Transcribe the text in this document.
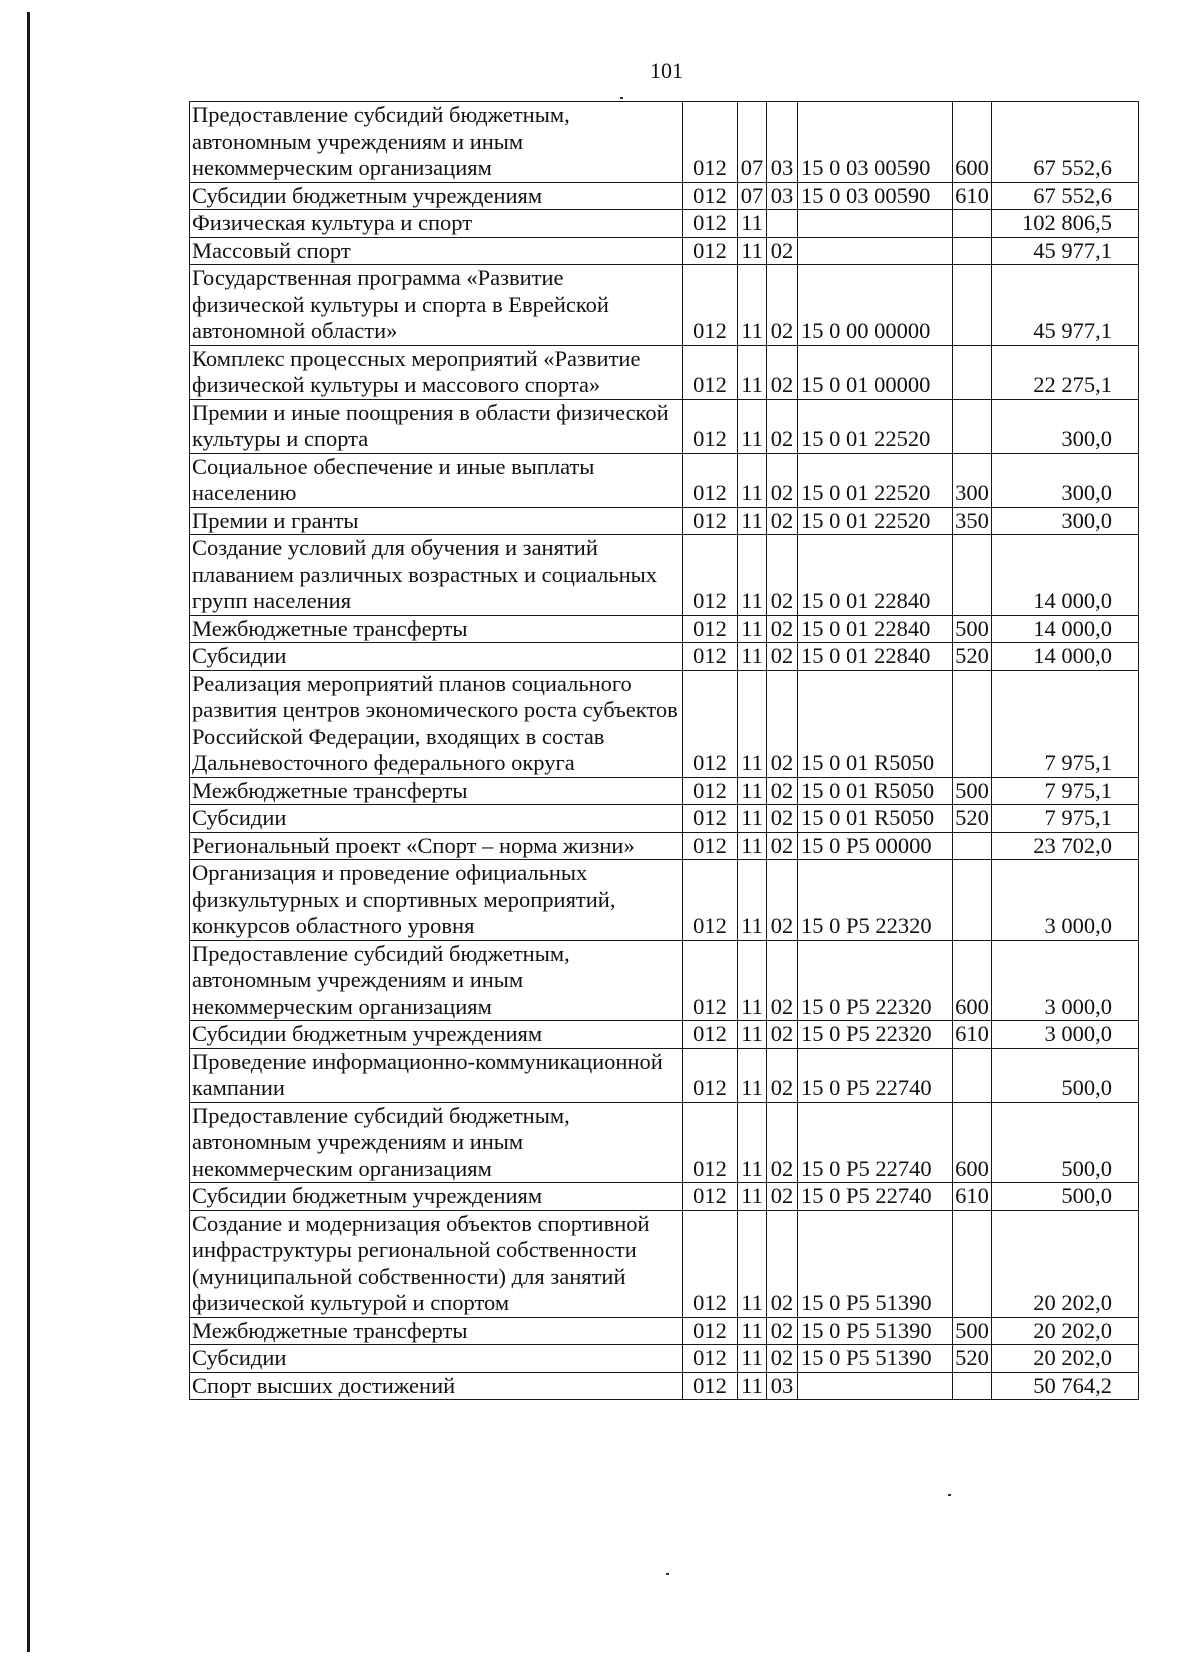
101
Предоставление субсидий бюджетным, автономным учреждениям и иным некоммерческим организациям	012	07	03	15 0 03 00590	600	67 552,6
Субсидии бюджетным учреждениям	012	07	03	15 0 03 00590	610	67 552,6
Физическая культура и спорт	012	11				102 806,5
Массовый спорт	012	11	02			45 977,1
Государственная программа «Развитие физической культуры и спорта в Еврейской автономной области»	012	11	02	15 0 00 00000		45 977,1
Комплекс процессных мероприятий «Развитие физической культуры и массового спорта»	012	11	02	15 0 01 00000		22 275,1
Премии и иные поощрения в области физической культуры и спорта	012	11	02	15 0 01 22520		300,0
Социальное обеспечение и иные выплаты населению	012	11	02	15 0 01 22520	300	300,0
Премии и гранты	012	11	02	15 0 01 22520	350	300,0
Создание условий для обучения и занятий плаванием различных возрастных и социальных групп населения	012	11	02	15 0 01 22840		14 000,0
Межбюджетные трансферты	012	11	02	15 0 01 22840	500	14 000,0
Субсидии	012	11	02	15 0 01 22840	520	14 000,0
Реализация мероприятий планов социального развития центров экономического роста субъектов Российской Федерации, входящих в состав Дальневосточного федерального округа	012	11	02	15 0 01 R5050		7 975,1
Межбюджетные трансферты	012	11	02	15 0 01 R5050	500	7 975,1
Субсидии	012	11	02	15 0 01 R5050	520	7 975,1
Региональный проект «Спорт – норма жизни»	012	11	02	15 0 P5 00000		23 702,0
Организация и проведение официальных физкультурных и спортивных мероприятий, конкурсов областного уровня	012	11	02	15 0 P5 22320		3 000,0
Предоставление субсидий бюджетным, автономным учреждениям и иным некоммерческим организациям	012	11	02	15 0 P5 22320	600	3 000,0
Субсидии бюджетным учреждениям	012	11	02	15 0 P5 22320	610	3 000,0
Проведение информационно-коммуникационной кампании	012	11	02	15 0 P5 22740		500,0
Предоставление субсидий бюджетным, автономным учреждениям и иным некоммерческим организациям	012	11	02	15 0 P5 22740	600	500,0
Субсидии бюджетным учреждениям	012	11	02	15 0 P5 22740	610	500,0
Создание и модернизация объектов спортивной инфраструктуры региональной собственности (муниципальной собственности) для занятий физической культурой и спортом	012	11	02	15 0 P5 51390		20 202,0
Межбюджетные трансферты	012	11	02	15 0 P5 51390	500	20 202,0
Субсидии	012	11	02	15 0 P5 51390	520	20 202,0
Спорт высших достижений	012	11	03			50 764,2
